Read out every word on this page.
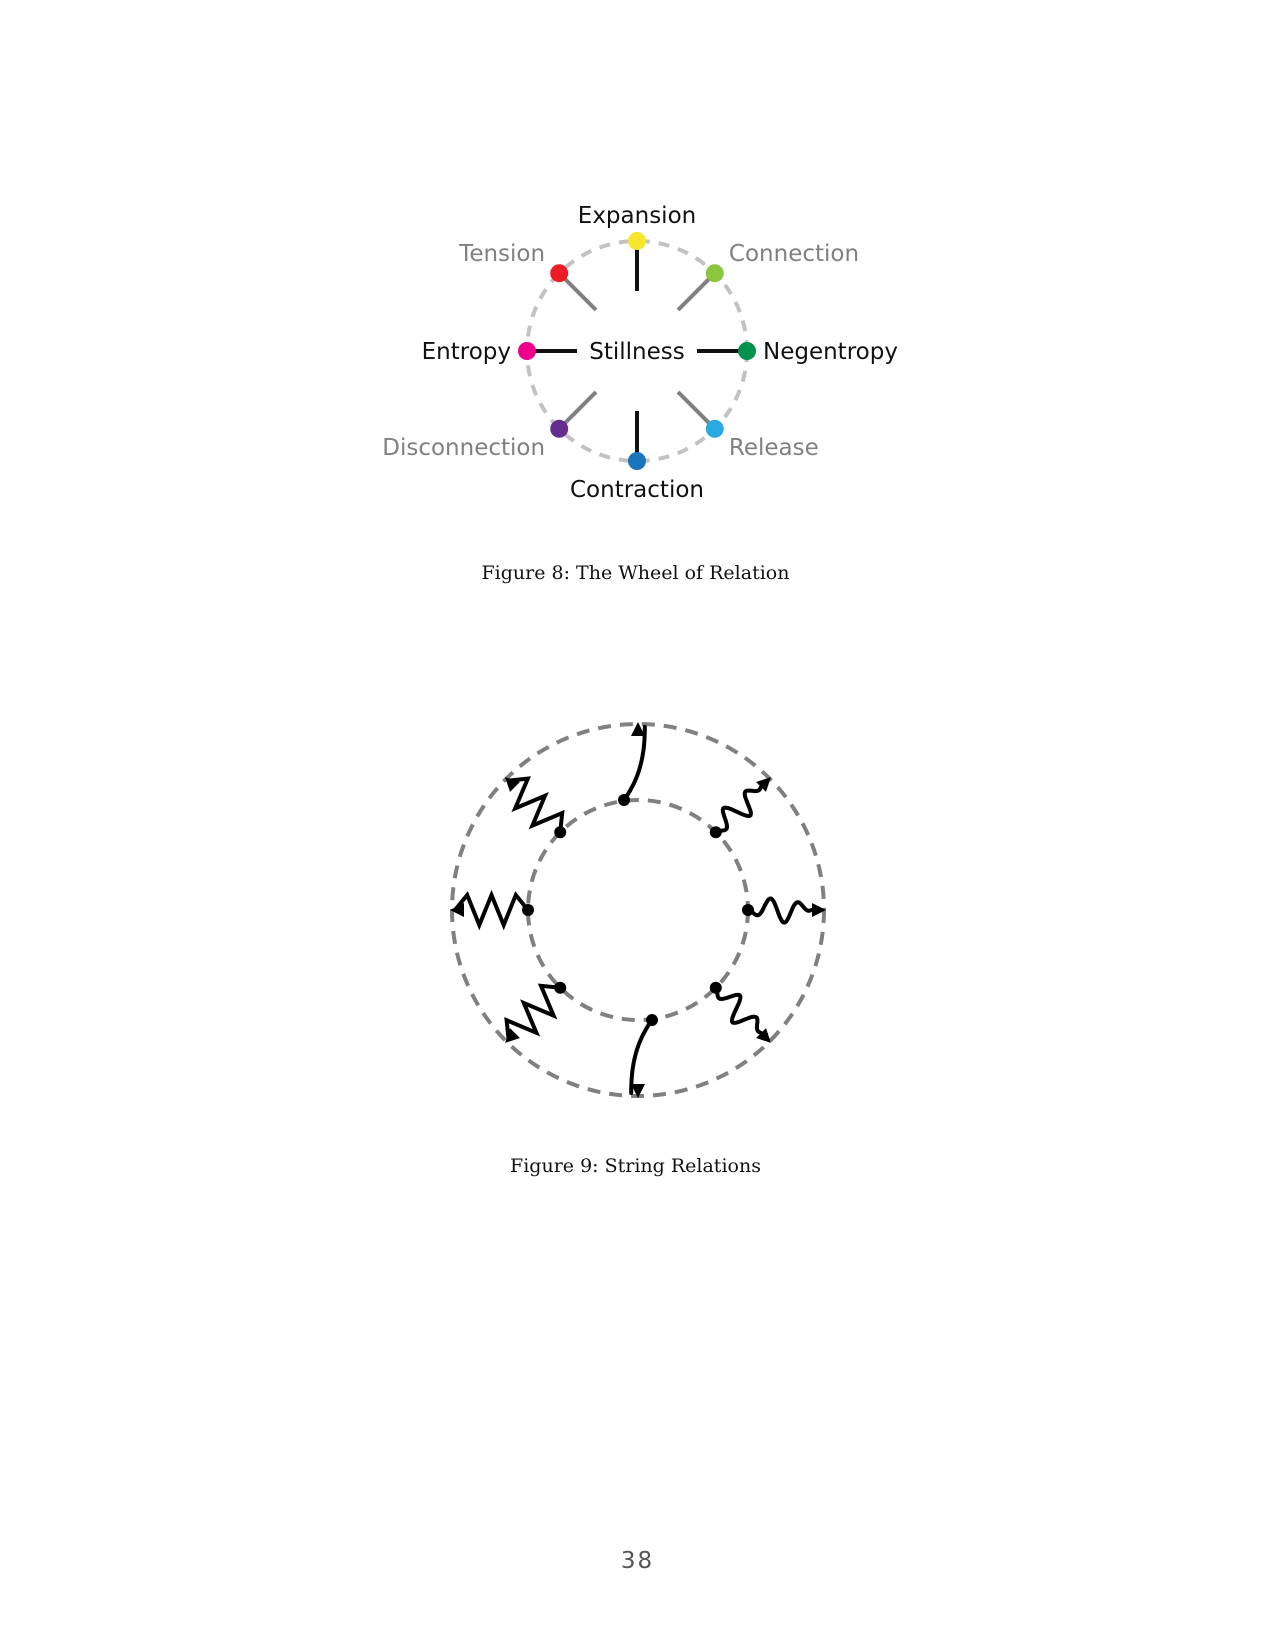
Expansion
Connection
Negentropy
Release
Contraction
Disconnection
Entropy
Tension
Stillness
Figure 8: The Wheel of Relation
Figure 9: String Relations
38
